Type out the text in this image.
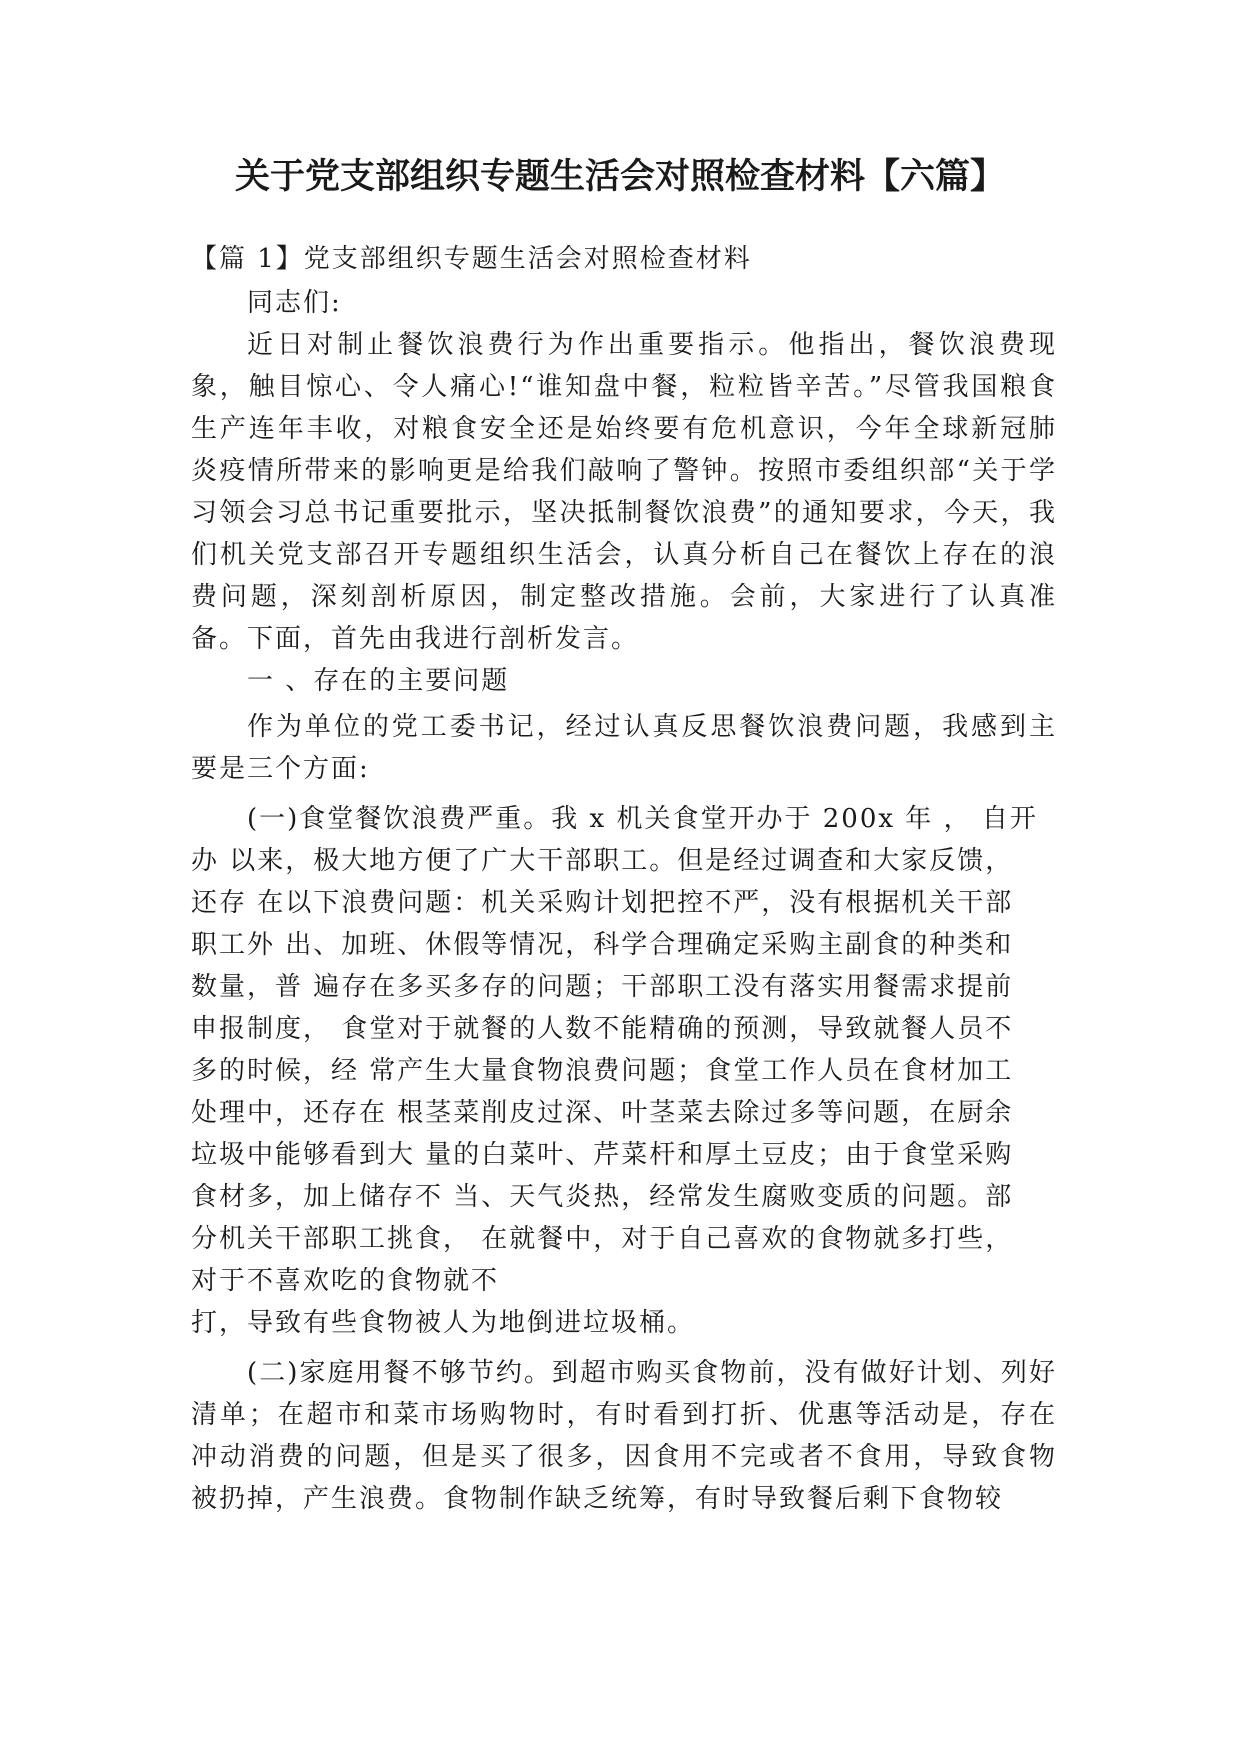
关于党支部组织专题生活会对照检查材料【六篇】

【篇 1】党支部组织专题生活会对照检查材料

同志们:

近日对制止餐饮浪费行为作出重要指示。他指出，餐饮浪费现象，触目惊心、令人痛心!“谁知盘中餐，粒粒皆辛苦。”尽管我国粮食生产连年丰收，对粮食安全还是始终要有危机意识，今年全球新冠肺炎疫情所带来的影响更是给我们敲响了警钟。按照市委组织部“关于学习领会习总书记重要批示，坚决抵制餐饮浪费”的通知要求，今天，我们机关党支部召开专题组织生活会，认真分析自己在餐饮上存在的浪费问题，深刻剖析原因，制定整改措施。会前，大家进行了认真准备。下面，首先由我进行剖析发言。

一 、存在的主要问题

作为单位的党工委书记，经过认真反思餐饮浪费问题，我感到主要是三个方面:

(一)食堂餐饮浪费严重。我 x 机关食堂开办于 200x 年 ， 自开
办 以来，极大地方便了广大干部职工。但是经过调查和大家反馈，
还存 在以下浪费问题：机关采购计划把控不严，没有根据机关干部
职工外 出、加班、休假等情况，科学合理确定采购主副食的种类和
数量，普 遍存在多买多存的问题；干部职工没有落实用餐需求提前
申报制度， 食堂对于就餐的人数不能精确的预测，导致就餐人员不
多的时候，经 常产生大量食物浪费问题；食堂工作人员在食材加工
处理中，还存在 根茎菜削皮过深、叶茎菜去除过多等问题，在厨余
垃圾中能够看到大 量的白菜叶、芹菜杆和厚土豆皮；由于食堂采购
食材多，加上储存不 当、天气炎热，经常发生腐败变质的问题。部
分机关干部职工挑食， 在就餐中，对于自己喜欢的食物就多打些，
对于不喜欢吃的食物就不
打，导致有些食物被人为地倒进垃圾桶。

(二)家庭用餐不够节约。到超市购买食物前，没有做好计划、列好清单；在超市和菜市场购物时，有时看到打折、优惠等活动是，存在冲动消费的问题，但是买了很多，因食用不完或者不食用，导致食物被扔掉，产生浪费。食物制作缺乏统筹，有时导致餐后剩下食物较
